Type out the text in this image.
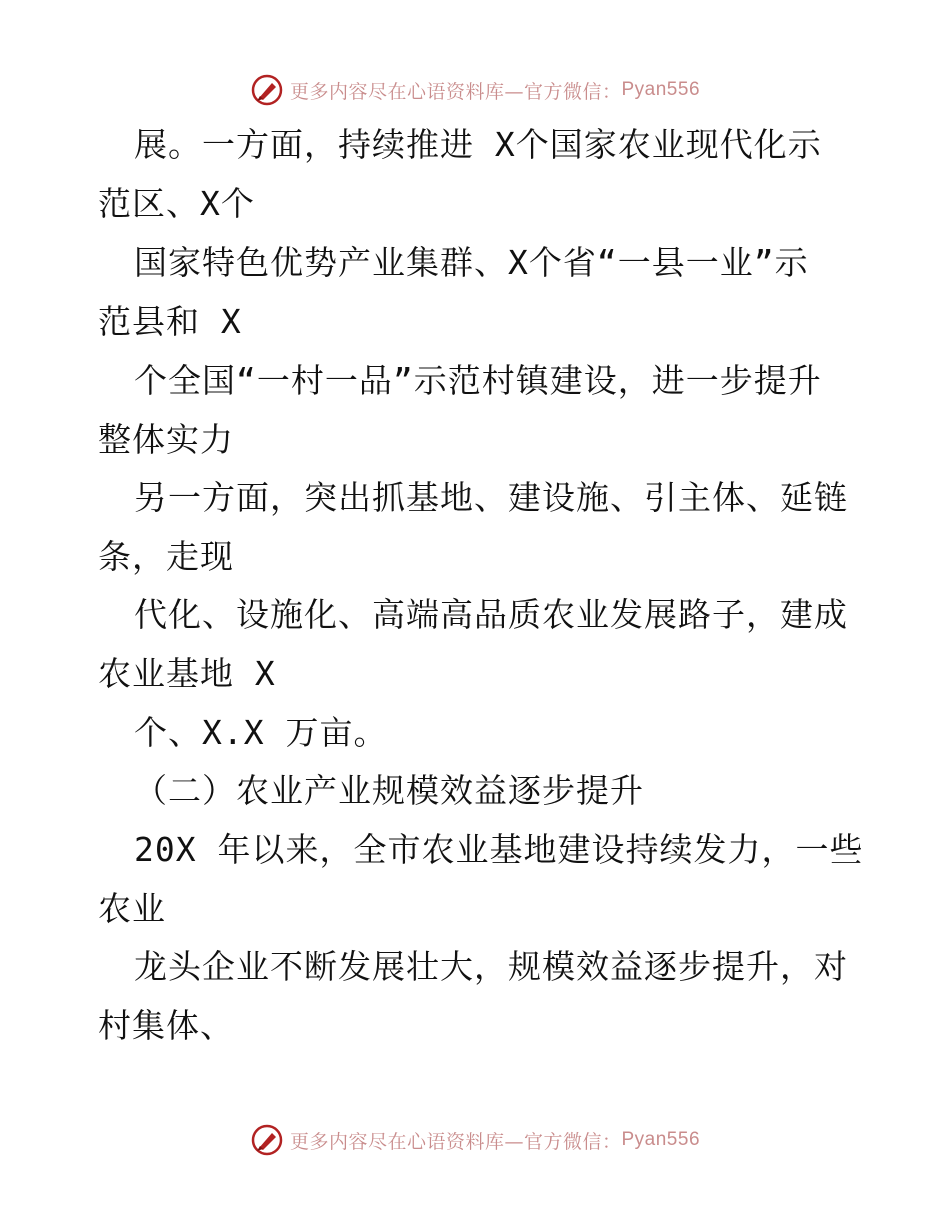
更多内容尽在心语资料库—官方微信： Pyan556
展。一方面，持续推进 X个国家农业现代化示
范区、X个
国家特色优势产业集群、X个省“一县一业”示
范县和 X
个全国“一村一品”示范村镇建设，进一步提升
整体实力
另一方面，突出抓基地、建设施、引主体、延链
条，走现
代化、设施化、高端高品质农业发展路子，建成
农业基地 X
个、X.X 万亩。
（二）农业产业规模效益逐步提升
20X 年以来，全市农业基地建设持续发力，一些
农业
龙头企业不断发展壮大，规模效益逐步提升，对
村集体、
更多内容尽在心语资料库—官方微信： Pyan556
